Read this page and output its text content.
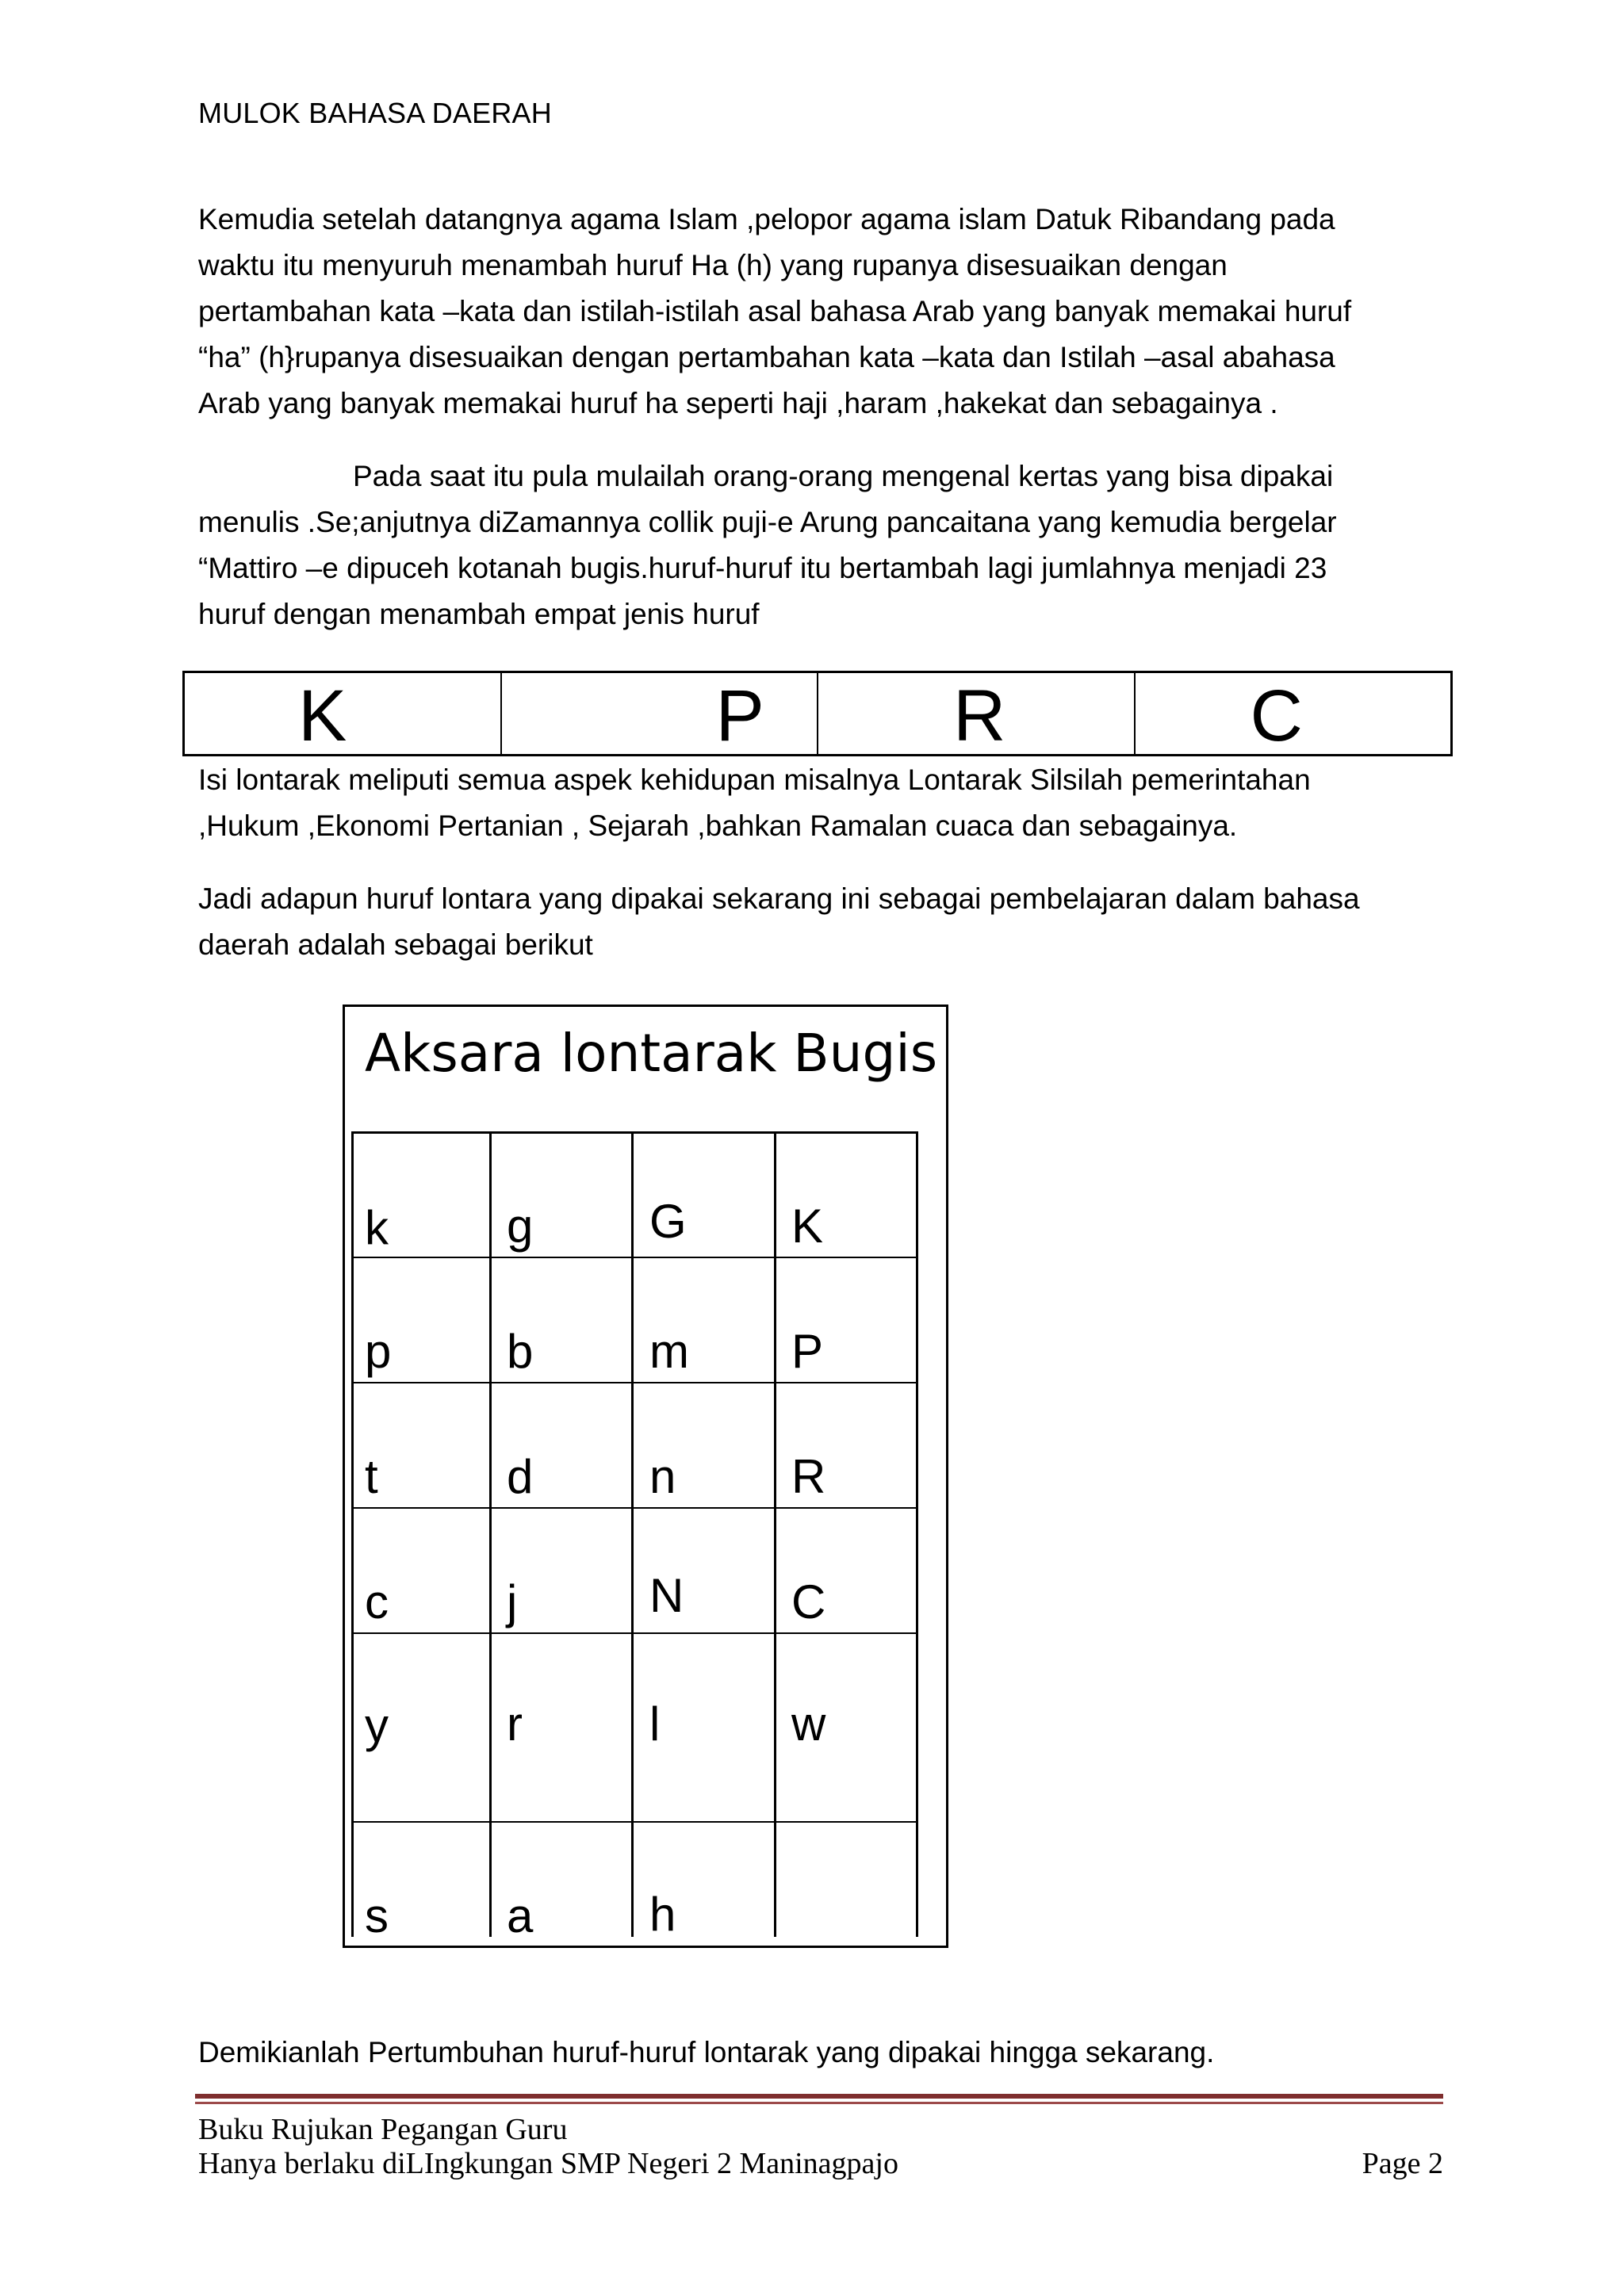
MULOK BAHASA DAERAH

Kemudia setelah datangnya agama Islam ,pelopor agama islam Datuk Ribandang pada
waktu itu menyuruh menambah huruf Ha (h) yang rupanya disesuaikan dengan
pertambahan kata –kata dan istilah-istilah asal bahasa Arab yang banyak memakai huruf
“ha” (h}rupanya disesuaikan dengan pertambahan kata –kata dan Istilah –asal abahasa
Arab yang banyak memakai huruf ha seperti haji ,haram ,hakekat dan sebagainya .

Pada saat itu pula mulailah orang-orang mengenal kertas yang bisa dipakai
menulis .Se;anjutnya diZamannya collik puji-e Arung pancaitana yang kemudia bergelar
“Mattiro –e dipuceh kotanah bugis.huruf-huruf itu bertambah lagi jumlahnya menjadi 23
huruf dengan menambah empat jenis huruf

K	P	R	C

Isi lontarak meliputi semua aspek kehidupan misalnya Lontarak Silsilah pemerintahan
,Hukum ,Ekonomi Pertanian , Sejarah ,bahkan Ramalan cuaca dan sebagainya.

Jadi adapun huruf lontara yang dipakai sekarang ini sebagai pembelajaran dalam bahasa
daerah adalah sebagai berikut

Aksara lontarak Bugis
k g G K
p b m P
t	d n R
c j	N C
y r	l	w
s a h

Demikianlah Pertumbuhan huruf-huruf lontarak yang dipakai hingga sekarang.

Buku Rujukan Pegangan Guru
Hanya berlaku diLIngkungan SMP Negeri 2 Maninagpajo	Page 2
